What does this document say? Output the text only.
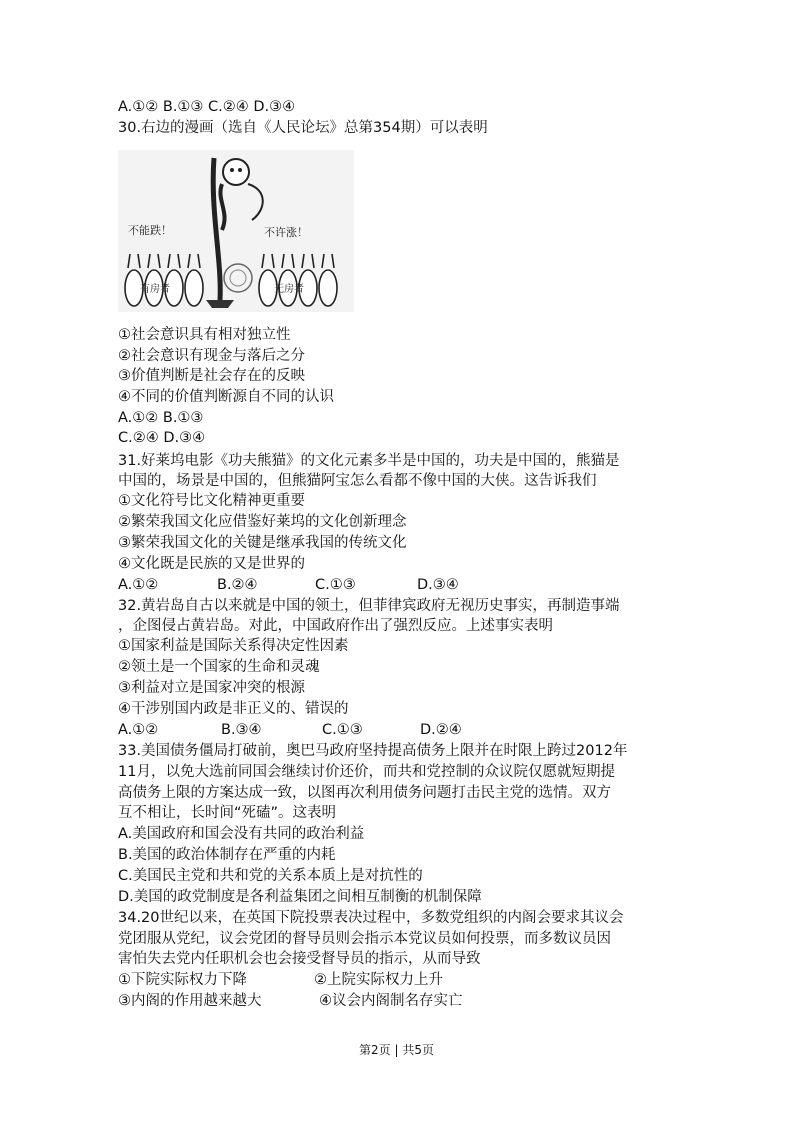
A.①② B.①③ C.②④ D.③④
30.右边的漫画（选自《人民论坛》总第354期）可以表明
不能跌！	不许涨！
有房者	无房者
①社会意识具有相对独立性
②社会意识有现金与落后之分
③价值判断是社会存在的反映
④不同的价值判断源自不同的认识
A.①② B.①③
C.②④ D.③④
31.好莱坞电影《功夫熊猫》的文化元素多半是中国的，功夫是中国的，熊猫是
中国的，场景是中国的，但熊猫阿宝怎么看都不像中国的大侠。这告诉我们
①文化符号比文化精神更重要
②繁荣我国文化应借鉴好莱坞的文化创新理念
③繁荣我国文化的关键是继承我国的传统文化
④文化既是民族的又是世界的
A.①②	B.②④	C.①③	D.③④
32.黄岩岛自古以来就是中国的领土，但菲律宾政府无视历史事实，再制造事端
，企图侵占黄岩岛。对此，中国政府作出了强烈反应。上述事实表明
①国家利益是国际关系得决定性因素
②领土是一个国家的生命和灵魂
③利益对立是国家冲突的根源
④干涉别国内政是非正义的、错误的
A.①②	B.③④	C.①③	D.②④
33.美国债务僵局打破前，奥巴马政府坚持提高债务上限并在时限上跨过2012年
11月，以免大选前同国会继续讨价还价，而共和党控制的众议院仅愿就短期提
高债务上限的方案达成一致，以图再次利用债务问题打击民主党的选情。双方
互不相让，长时间“死磕”。这表明
A.美国政府和国会没有共同的政治利益
B.美国的政治体制存在严重的内耗
C.美国民主党和共和党的关系本质上是对抗性的
D.美国的政党制度是各利益集团之间相互制衡的机制保障
34.20世纪以来，在英国下院投票表决过程中，多数党组织的内阁会要求其议会
党团服从党纪，议会党团的督导员则会指示本党议员如何投票，而多数议员因
害怕失去党内任职机会也会接受督导员的指示，从而导致
①下院实际权力下降	②上院实际权力上升
③内阁的作用越来越大	④议会内阁制名存实亡
第2页 | 共5页
